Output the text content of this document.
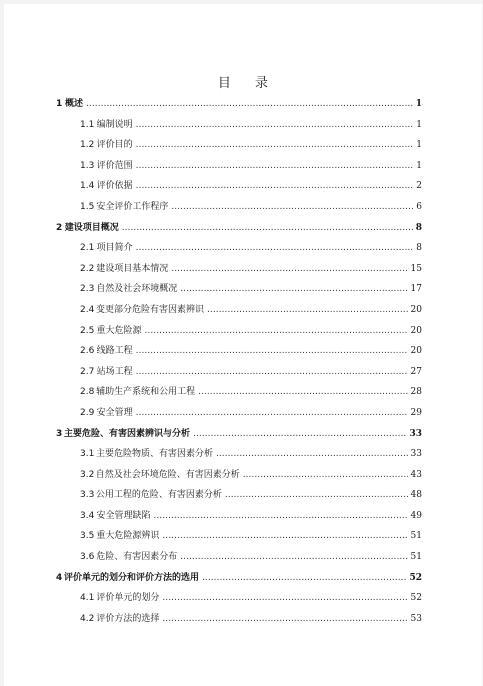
目 录
1 概述 . . .	1
1.1 编制说明 . . .	1
1.2 评价目的 . . .	1
1.3 评价范围 . . .	1
1.4 评价依据 . . .	2
1.5 安全评价工作程序 . . .	6
2 建设项目概况 . . .	8
2.1 项目简介 . . .	8
2.2 建设项目基本情况 . . .	15
2.3 自然及社会环境概况 . . .	17
2.4 变更部分危险有害因素辨识 . . .	20
2.5 重大危险源 . . .	20
2.6 线路工程 . . .	20
2.7 站场工程 . . .	27
2.8 辅助生产系统和公用工程 . . .	28
2.9 安全管理 . . .	29
3 主要危险、有害因素辨识与分析 . . .	33
3.1 主要危险物质、有害因素分析 . . .	33
3.2 自然及社会环境危险、有害因素分析 . . .	43
3.3 公用工程的危险、有害因素分析 . . .	48
3.4 安全管理缺陷 . . .	49
3.5 重大危险源辨识 . . .	51
3.6 危险、有害因素分布 . . .	51
4 评价单元的划分和评价方法的选用 . . .	52
4.1 评价单元的划分 . . .	52
4.2 评价方法的选择 . . .	53
